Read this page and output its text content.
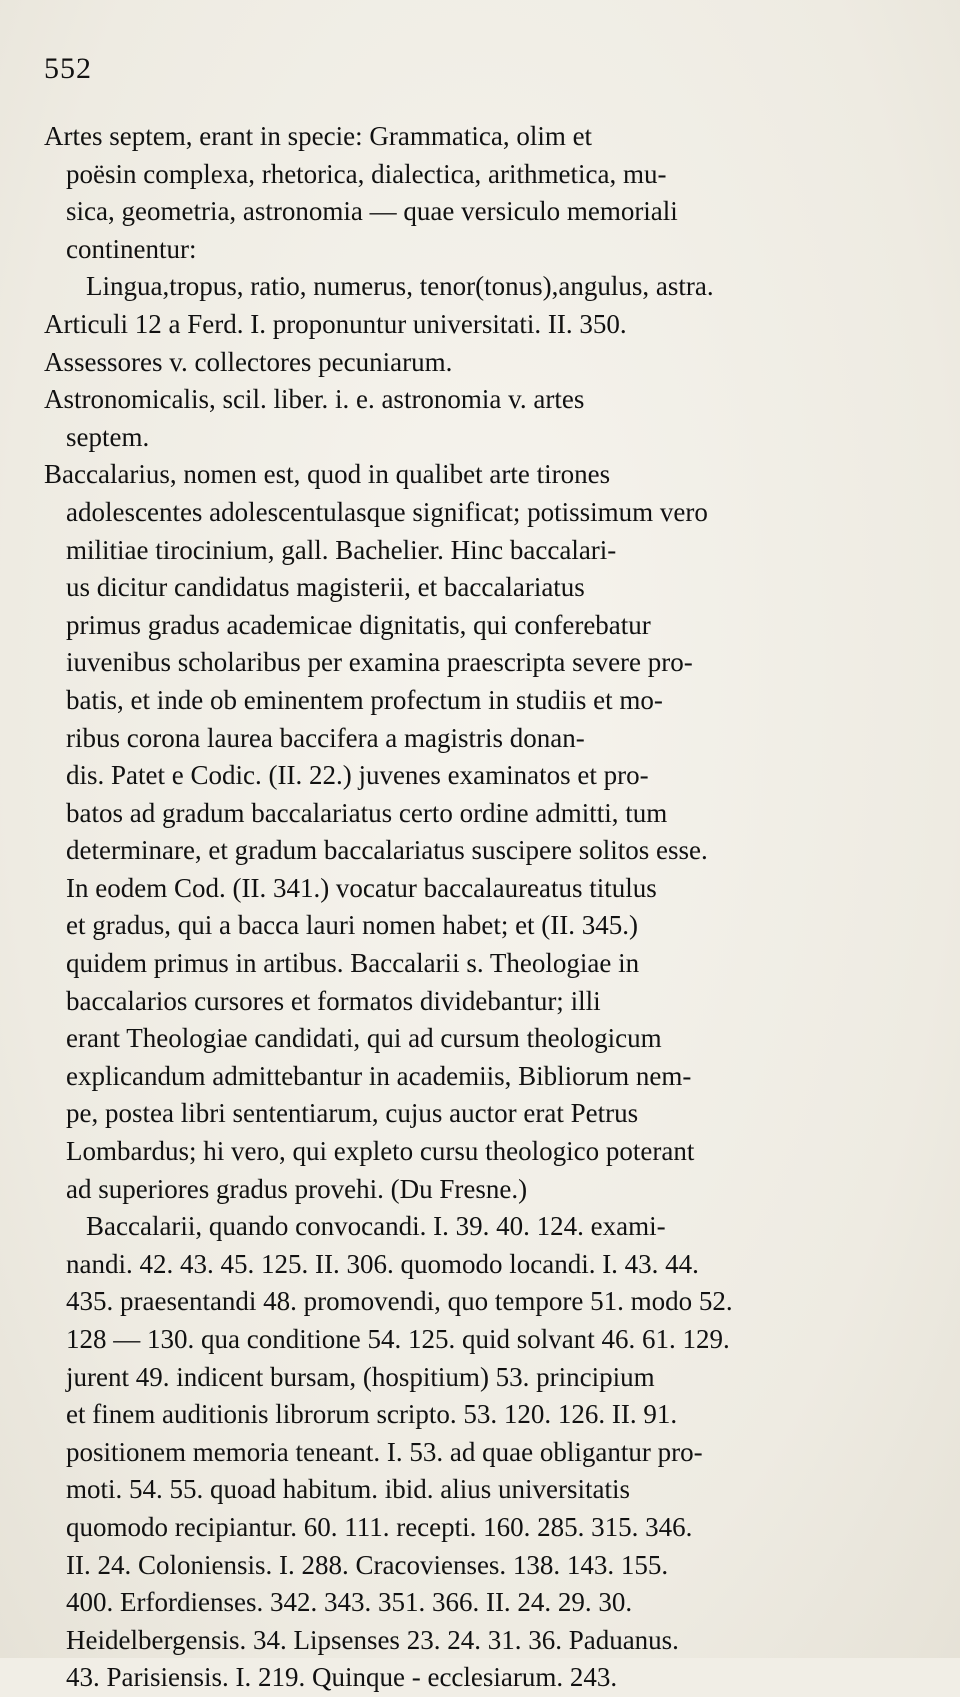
552
Artes septem, erant in specie: Grammatica, olim et
poësin complexa, rhetorica, dialectica, arithmetica, mu-
sica, geometria, astronomia — quae versiculo memoriali
continentur:
Lingua,tropus, ratio, numerus, tenor(tonus),angulus, astra.
Articuli 12 a Ferd. I. proponuntur universitati. II. 350.
Assessores v. collectores pecuniarum.
Astronomicalis, scil. liber. i. e. astronomia v. artes
septem.
Baccalarius, nomen est, quod in qualibet arte tirones
adolescentes adolescentulasque significat; potissimum vero
militiae tirocinium, gall. Bachelier. Hinc baccalari-
us dicitur candidatus magisterii, et baccalariatus
primus gradus academicae dignitatis, qui conferebatur
iuvenibus scholaribus per examina praescripta severe pro-
batis, et inde ob eminentem profectum in studiis et mo-
ribus corona laurea baccifera a magistris donan-
dis. Patet e Codic. (II. 22.) juvenes examinatos et pro-
batos ad gradum baccalariatus certo ordine admitti, tum
determinare, et gradum baccalariatus suscipere solitos esse.
In eodem Cod. (II. 341.) vocatur baccalaureatus titulus
et gradus, qui a bacca lauri nomen habet; et (II. 345.)
quidem primus in artibus. Baccalarii s. Theologiae in
baccalarios cursores et formatos dividebantur; illi
erant Theologiae candidati, qui ad cursum theologicum
explicandum admittebantur in academiis, Bibliorum nem-
pe, postea libri sententiarum, cujus auctor erat Petrus
Lombardus; hi vero, qui expleto cursu theologico poterant
ad superiores gradus provehi. (Du Fresne.)
Baccalarii, quando convocandi. I. 39. 40. 124. exami-
nandi. 42. 43. 45. 125. II. 306. quomodo locandi. I. 43. 44.
435. praesentandi 48. promovendi, quo tempore 51. modo 52.
128 — 130. qua conditione 54. 125. quid solvant 46. 61. 129.
jurent 49. indicent bursam, (hospitium) 53. principium
et finem auditionis librorum scripto. 53. 120. 126. II. 91.
positionem memoria teneant. I. 53. ad quae obligantur pro-
moti. 54. 55. quoad habitum. ibid. alius universitatis
quomodo recipiantur. 60. 111. recepti. 160. 285. 315. 346.
II. 24. Coloniensis. I. 288. Cracovienses. 138. 143. 155.
400. Erfordienses. 342. 343. 351. 366. II. 24. 29. 30.
Heidelbergensis. 34. Lipsenses 23. 24. 31. 36. Paduanus.
43. Parisiensis. I. 219. Quinque - ecclesiarum. 243.
